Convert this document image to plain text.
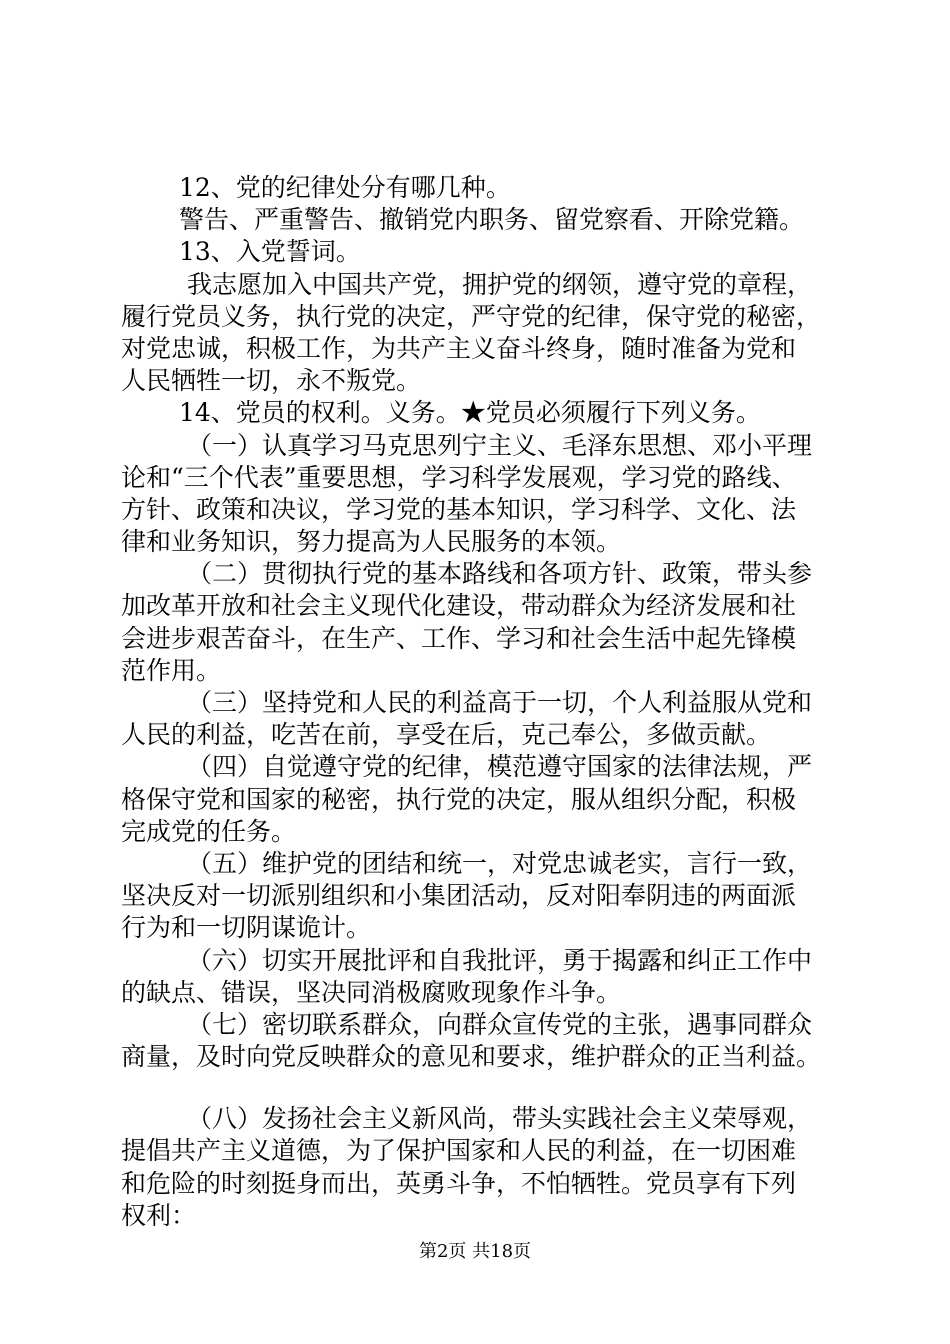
12、党的纪律处分有哪几种。
警告、严重警告、撤销党内职务、留党察看、开除党籍。
13、入党誓词。
我志愿加入中国共产党，拥护党的纲领，遵守党的章程，
履行党员义务，执行党的决定，严守党的纪律，保守党的秘密，
对党忠诚，积极工作，为共产主义奋斗终身，随时准备为党和
人民牺牲一切，永不叛党。
14、党员的权利。义务。★党员必须履行下列义务。
（一）认真学习马克思列宁主义、毛泽东思想、邓小平理
论和“三个代表”重要思想，学习科学发展观，学习党的路线、
方针、政策和决议，学习党的基本知识，学习科学、文化、法
律和业务知识，努力提高为人民服务的本领。
（二）贯彻执行党的基本路线和各项方针、政策，带头参
加改革开放和社会主义现代化建设，带动群众为经济发展和社
会进步艰苦奋斗，在生产、工作、学习和社会生活中起先锋模
范作用。
（三）坚持党和人民的利益高于一切，个人利益服从党和
人民的利益，吃苦在前，享受在后，克己奉公，多做贡献。
（四）自觉遵守党的纪律，模范遵守国家的法律法规，严
格保守党和国家的秘密，执行党的决定，服从组织分配，积极
完成党的任务。
（五）维护党的团结和统一，对党忠诚老实，言行一致，
坚决反对一切派别组织和小集团活动，反对阳奉阴违的两面派
行为和一切阴谋诡计。
（六）切实开展批评和自我批评，勇于揭露和纠正工作中
的缺点、错误，坚决同消极腐败现象作斗争。
（七）密切联系群众，向群众宣传党的主张，遇事同群众
商量，及时向党反映群众的意见和要求，维护群众的正当利益。
（八）发扬社会主义新风尚，带头实践社会主义荣辱观，
提倡共产主义道德，为了保护国家和人民的利益，在一切困难
和危险的时刻挺身而出，英勇斗争，不怕牺牲。党员享有下列
权利：
第2页 共18页
